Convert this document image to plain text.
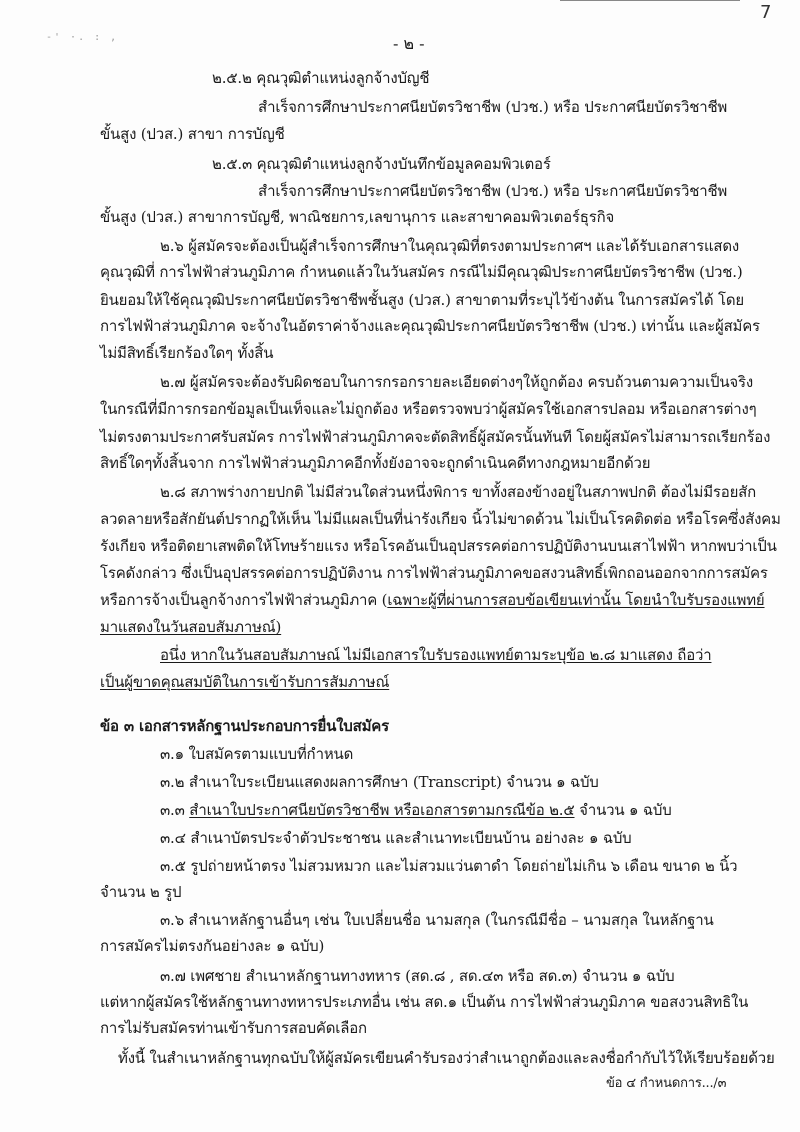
7
-' ·. : ,	- ๒ -
๒.๕.๒ คุณวุฒิตำแหน่งลูกจ้างบัญชี
สำเร็จการศึกษาประกาศนียบัตรวิชาชีพ (ปวช.) หรือ ประกาศนียบัตรวิชาชีพ
ขั้นสูง (ปวส.) สาขา การบัญชี
๒.๕.๓ คุณวุฒิตำแหน่งลูกจ้างบันทึกข้อมูลคอมพิวเตอร์
สำเร็จการศึกษาประกาศนียบัตรวิชาชีพ (ปวช.) หรือ ประกาศนียบัตรวิชาชีพ
ขั้นสูง (ปวส.) สาขาการบัญชี, พาณิชยการ,เลขานุการ และสาขาคอมพิวเตอร์ธุรกิจ
๒.๖ ผู้สมัครจะต้องเป็นผู้สำเร็จการศึกษาในคุณวุฒิที่ตรงตามประกาศฯ และได้รับเอกสารแสดง
คุณวุฒิที่ การไฟฟ้าส่วนภูมิภาค กำหนดแล้วในวันสมัคร กรณีไม่มีคุณวุฒิประกาศนียบัตรวิชาชีพ (ปวช.)
ยินยอมให้ใช้คุณวุฒิประกาศนียบัตรวิชาชีพชั้นสูง (ปวส.) สาขาตามที่ระบุไว้ข้างต้น ในการสมัครได้ โดย
การไฟฟ้าส่วนภูมิภาค จะจ้างในอัตราค่าจ้างและคุณวุฒิประกาศนียบัตรวิชาชีพ (ปวช.) เท่านั้น และผู้สมัคร
ไม่มีสิทธิ์เรียกร้องใดๆ ทั้งสิ้น
๒.๗ ผู้สมัครจะต้องรับผิดชอบในการกรอกรายละเอียดต่างๆให้ถูกต้อง ครบถ้วนตามความเป็นจริง
ในกรณีที่มีการกรอกข้อมูลเป็นเท็จและไม่ถูกต้อง หรือตรวจพบว่าผู้สมัครใช้เอกสารปลอม หรือเอกสารต่างๆ
ไม่ตรงตามประกาศรับสมัคร การไฟฟ้าส่วนภูมิภาคจะตัดสิทธิ์ผู้สมัครนั้นทันที โดยผู้สมัครไม่สามารถเรียกร้อง
สิทธิ์ใดๆทั้งสิ้นจาก การไฟฟ้าส่วนภูมิภาคอีกทั้งยังอาจจะถูกดำเนินคดีทางกฎหมายอีกด้วย
๒.๘ สภาพร่างกายปกติ ไม่มีส่วนใดส่วนหนึ่งพิการ ขาทั้งสองข้างอยู่ในสภาพปกติ ต้องไม่มีรอยสัก
ลวดลายหรือสักยันต์ปรากฏให้เห็น ไม่มีแผลเป็นที่น่ารังเกียจ นิ้วไม่ขาดด้วน ไม่เป็นโรคติดต่อ หรือโรคซึ่งสังคม
รังเกียจ หรือติดยาเสพติดให้โทษร้ายแรง หรือโรคอันเป็นอุปสรรคต่อการปฏิบัติงานบนเสาไฟฟ้า หากพบว่าเป็น
โรคดังกล่าว ซึ่งเป็นอุปสรรคต่อการปฏิบัติงาน การไฟฟ้าส่วนภูมิภาคขอสงวนสิทธิ์เพิกถอนออกจากการสมัคร
หรือการจ้างเป็นลูกจ้างการไฟฟ้าส่วนภูมิภาค (เฉพาะผู้ที่ผ่านการสอบข้อเขียนเท่านั้น โดยนำใบรับรองแพทย์
มาแสดงในวันสอบสัมภาษณ์)
อนึ่ง หากในวันสอบสัมภาษณ์ ไม่มีเอกสารใบรับรองแพทย์ตามระบุข้อ ๒.๘ มาแสดง ถือว่า
เป็นผู้ขาดคุณสมบัติในการเข้ารับการสัมภาษณ์
ข้อ ๓ เอกสารหลักฐานประกอบการยื่นใบสมัคร
๓.๑ ใบสมัครตามแบบที่กำหนด
๓.๒ สำเนาใบระเบียนแสดงผลการศึกษา (Transcript) จำนวน ๑ ฉบับ
๓.๓ สำเนาใบประกาศนียบัตรวิชาชีพ หรือเอกสารตามกรณีข้อ ๒.๕ จำนวน ๑ ฉบับ
๓.๔ สำเนาบัตรประจำตัวประชาชน และสำเนาทะเบียนบ้าน อย่างละ ๑ ฉบับ
๓.๕ รูปถ่ายหน้าตรง ไม่สวมหมวก และไม่สวมแว่นตาดำ โดยถ่ายไม่เกิน ๖ เดือน ขนาด ๒ นิ้ว
จำนวน ๒ รูป
๓.๖ สำเนาหลักฐานอื่นๆ เช่น ใบเปลี่ยนชื่อ นามสกุล (ในกรณีมีชื่อ – นามสกุล ในหลักฐาน
การสมัครไม่ตรงกันอย่างละ ๑ ฉบับ)
๓.๗ เพศชาย สำเนาหลักฐานทางทหาร (สด.๘ , สด.๔๓ หรือ สด.๓) จำนวน ๑ ฉบับ
แต่หากผู้สมัครใช้หลักฐานทางทหารประเภทอื่น เช่น สด.๑ เป็นต้น การไฟฟ้าส่วนภูมิภาค ขอสงวนสิทธิใน
การไม่รับสมัครท่านเข้ารับการสอบคัดเลือก
ทั้งนี้ ในสำเนาหลักฐานทุกฉบับให้ผู้สมัครเขียนคำรับรองว่าสำเนาถูกต้องและลงชื่อกำกับไว้ให้เรียบร้อยด้วย
ข้อ ๔ กำหนดการ.../๓
